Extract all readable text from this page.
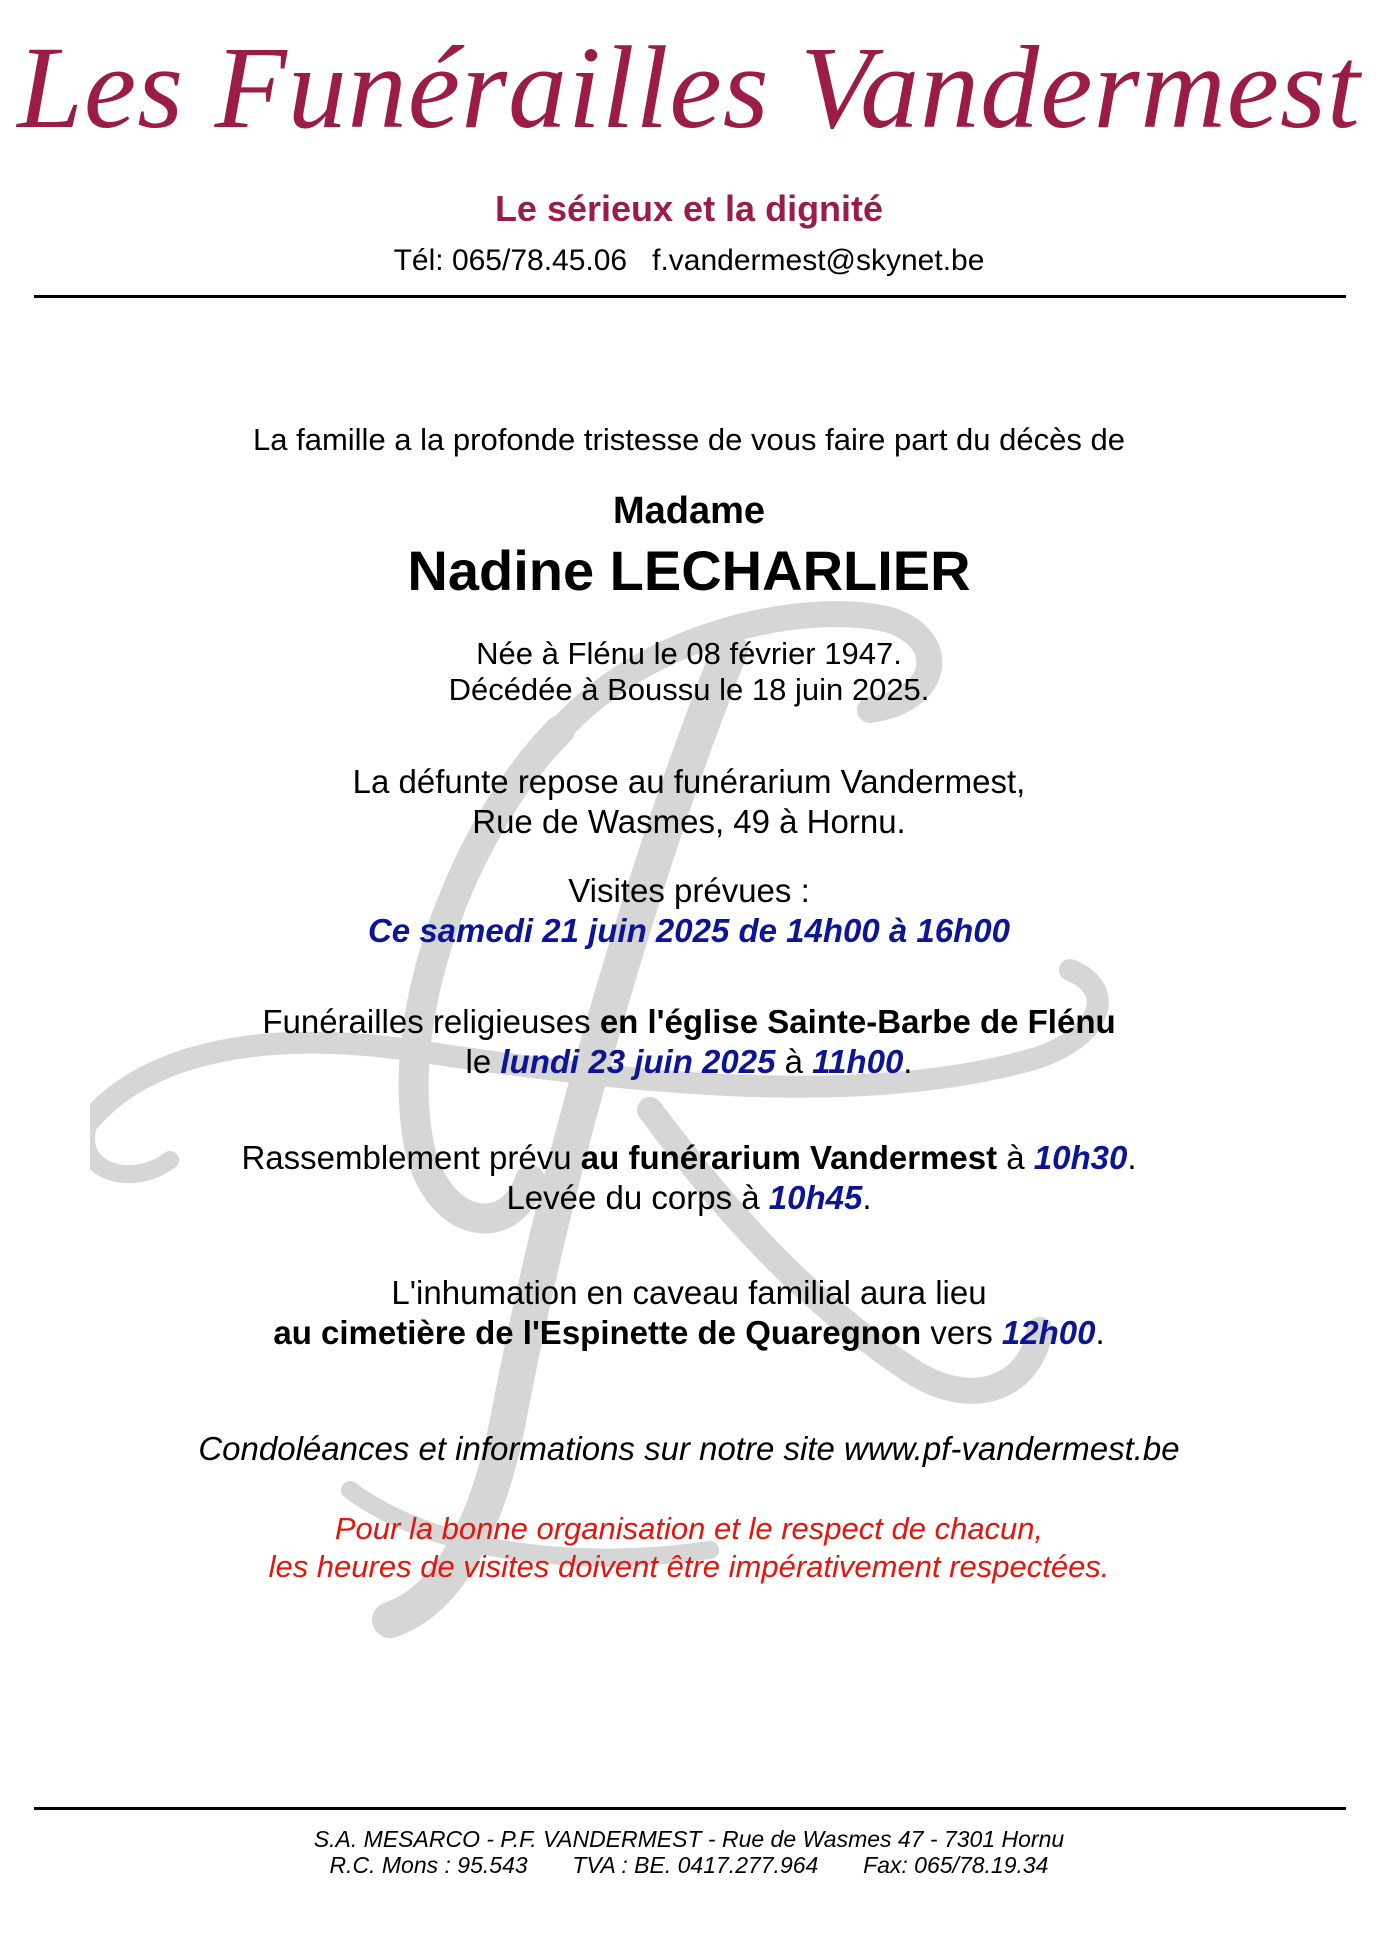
Les Funérailles Vandermest
Le sérieux et la dignité
Tél: 065/78.45.06 f.vandermest@skynet.be
La famille a la profonde tristesse de vous faire part du décès de
Madame
Nadine LECHARLIER
Née à Flénu le 08 février 1947.
Décédée à Boussu le 18 juin 2025.
La défunte repose au funérarium Vandermest,
Rue de Wasmes, 49 à Hornu.
Visites prévues :
Ce samedi 21 juin 2025 de 14h00 à 16h00
Funérailles religieuses en l'église Sainte-Barbe de Flénu
le lundi 23 juin 2025 à 11h00.
Rassemblement prévu au funérarium Vandermest à 10h30.
Levée du corps à 10h45.
L'inhumation en caveau familial aura lieu
au cimetière de l'Espinette de Quaregnon vers 12h00.
Condoléances et informations sur notre site www.pf-vandermest.be
Pour la bonne organisation et le respect de chacun,
les heures de visites doivent être impérativement respectées.
S.A. MESARCO - P.F. VANDERMEST - Rue de Wasmes 47 - 7301 Hornu
R.C. Mons : 95.543 TVA : BE. 0417.277.964 Fax: 065/78.19.34
